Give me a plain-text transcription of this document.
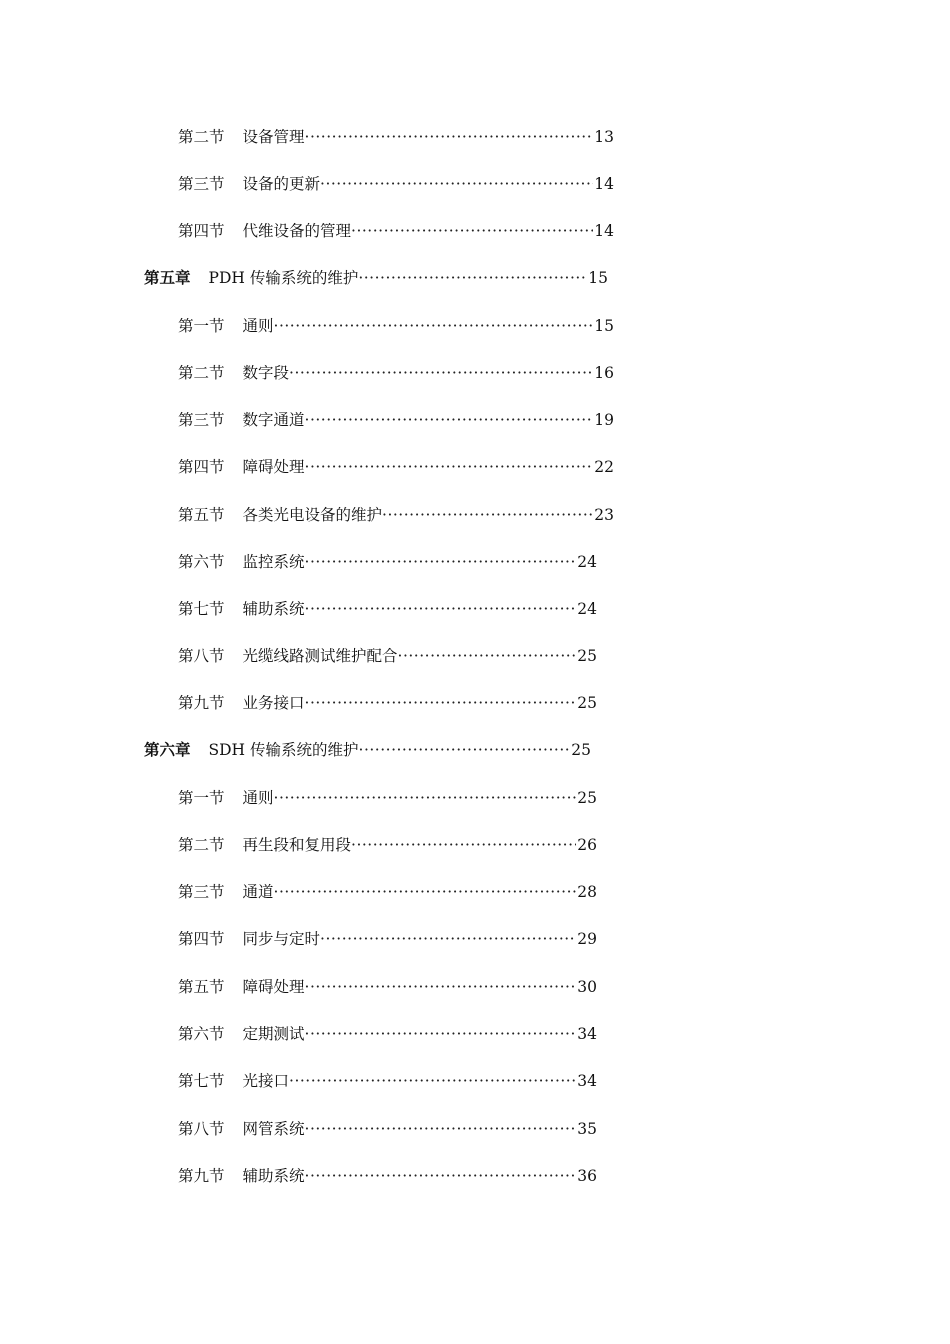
第二节 设备管理 ·····	13
第三节 设备的更新 ·····	14
第四节 代维设备的管理 ·····	14
第五章 PDH 传输系统的维护 ·····	15
第一节 通则 ·····	15
第二节 数字段 ·····	16
第三节 数字通道 ·····	19
第四节 障碍处理 ·····	22
第五节 各类光电设备的维护 ·····	23
第六节 监控系统 ·····	24
第七节 辅助系统 ·····	24
第八节 光缆线路测试维护配合 ·····	25
第九节 业务接口 ·····	25
第六章 SDH 传输系统的维护 ·····	25
第一节 通则 ·····	25
第二节 再生段和复用段 ·····	26
第三节 通道 ·····	28
第四节 同步与定时 ·····	29
第五节 障碍处理 ·····	30
第六节 定期测试 ·····	34
第七节 光接口 ·····	34
第八节 网管系统 ·····	35
第九节 辅助系统 ·····	36
